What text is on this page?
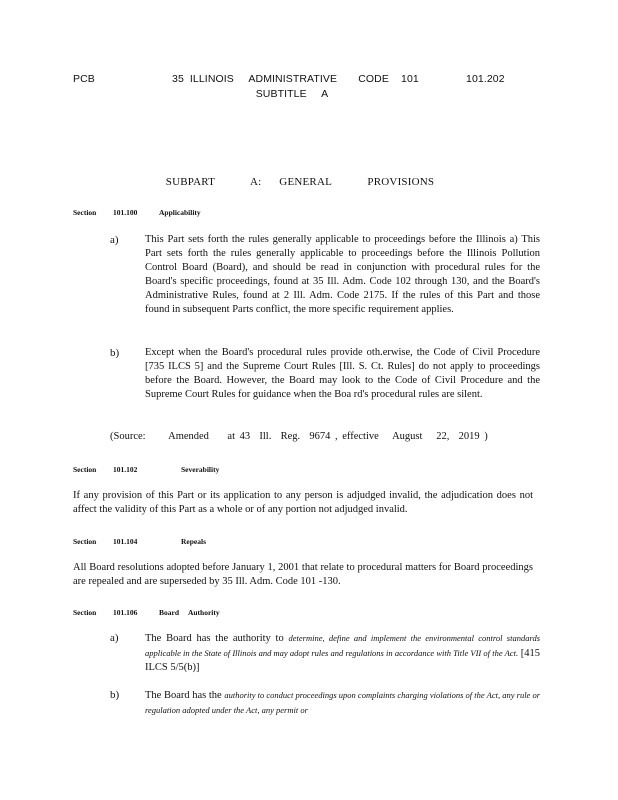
PCB	35  ILLINOIS     ADMINISTRATIVE       CODE    101
SUBTITLE     A
101.202
SUBPART    A:  GENERAL    PROVISIONS
Section	101.100	Applicability
a)	This Part sets forth the rules generally applicable to proceedings before the Illinois a) This Part sets forth the rules generally applicable to proceedings before the Illinois Pollution Control Board (Board), and should be read in conjunction with procedural rules for the Board's specific proceedings, found at 35 Ill. Adm. Code 102 through 130, and the Board's Administrative Rules, found at 2 Ill. Adm. Code 2175. If the rules of this Part and those found in subsequent Parts conflict, the more specific requirement applies.
b)	Except when the Board's procedural rules provide oth.erwise, the Code of Civil Procedure [735 ILCS 5] and the Supreme Court Rules [Ill. S. Ct. Rules] do not apply to proceedings before the Board. However, the Board may look to the Code of Civil Procedure and the Supreme Court Rules for guidance when the Boa rd's procedural rules are silent.
(Source:     Amended    at 43  Ill.  Reg.  9674 , effective   August   22,  2019 )
Section	101.102	Severability
If any provision of this Part or its application to any person is adjudged invalid, the adjudication does not affect the validity of this Part as a whole or of any portion not adjudged invalid.
Section	101.104	Repeals
All Board resolutions adopted before January 1, 2001 that relate to procedural matters for Board proceedings are repealed and are superseded by 35 Ill. Adm. Code 101 -130.
Section	101.106	Board     Authority
a)	The Board has the authority to determine, define and implement the environmental control standards applicable in the State of Illinois and may adopt rules and regulations in accordance with Title VII of the Act. [415 ILCS 5/5(b)]
b)	The Board has the authority to conduct proceedings upon complaints charging violations of the Act, any rule or regulation adopted under the Act, any permit or
